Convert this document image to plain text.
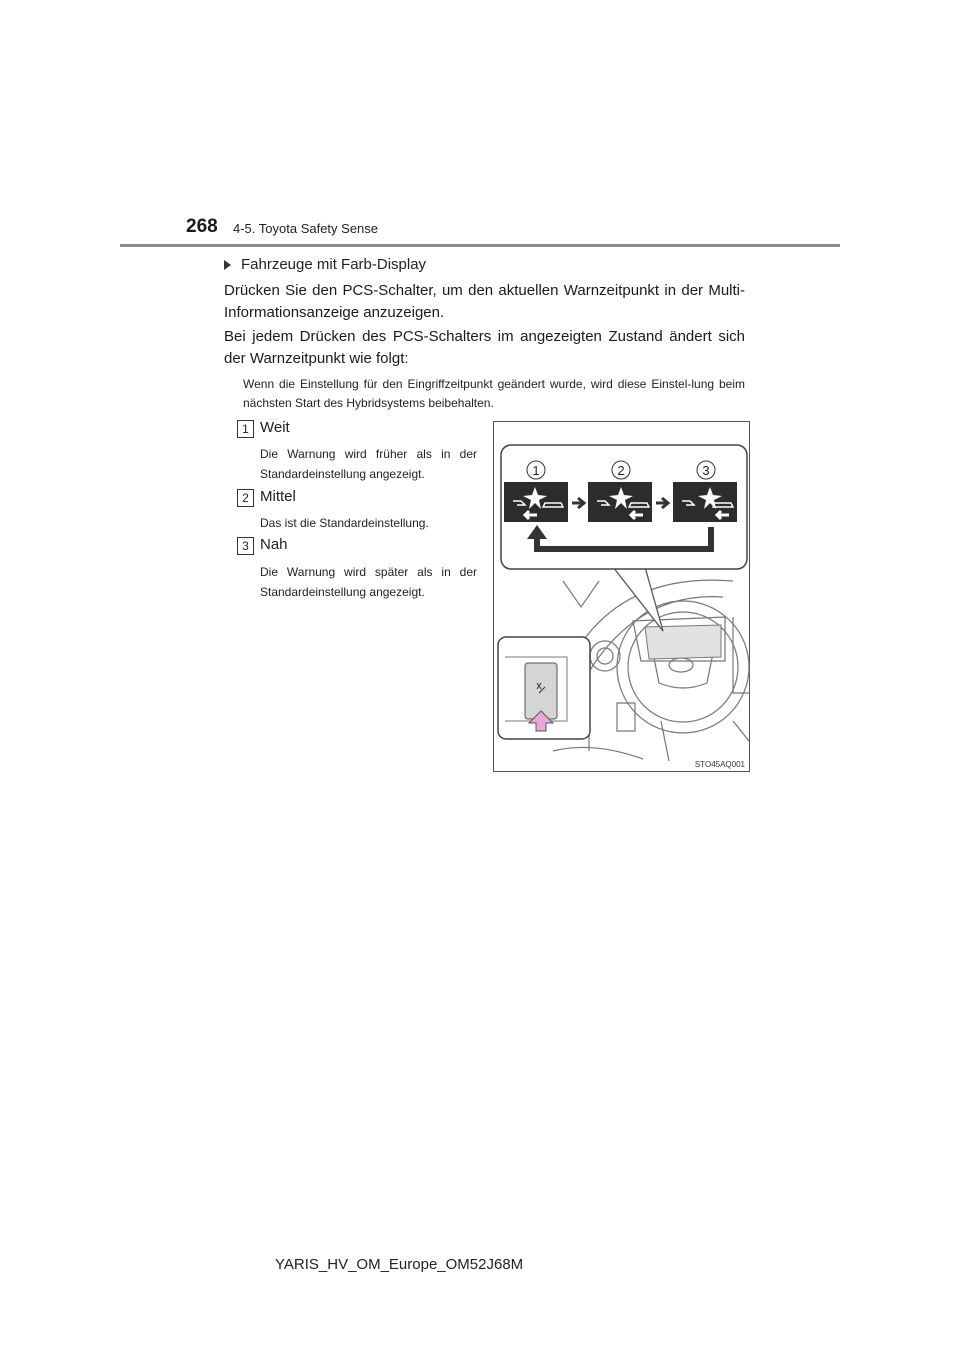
268 4-5. Toyota Safety Sense
Fahrzeuge mit Farb-Display
Drücken Sie den PCS-Schalter, um den aktuellen Warnzeitpunkt in der Multi-Informationsanzeige anzuzeigen.
Bei jedem Drücken des PCS-Schalters im angezeigten Zustand ändert sich der Warnzeitpunkt wie folgt:
Wenn die Einstellung für den Eingriffzeitpunkt geändert wurde, wird diese Einstel-lung beim nächsten Start des Hybridsystems beibehalten.
1 Weit
Die Warnung wird früher als in der Standardeinstellung angezeigt.
2 Mittel
Das ist die Standardeinstellung.
3 Nah
Die Warnung wird später als in der Standardeinstellung angezeigt.
1	2	3
STO45AQ001
YARIS_HV_OM_Europe_OM52J68M
